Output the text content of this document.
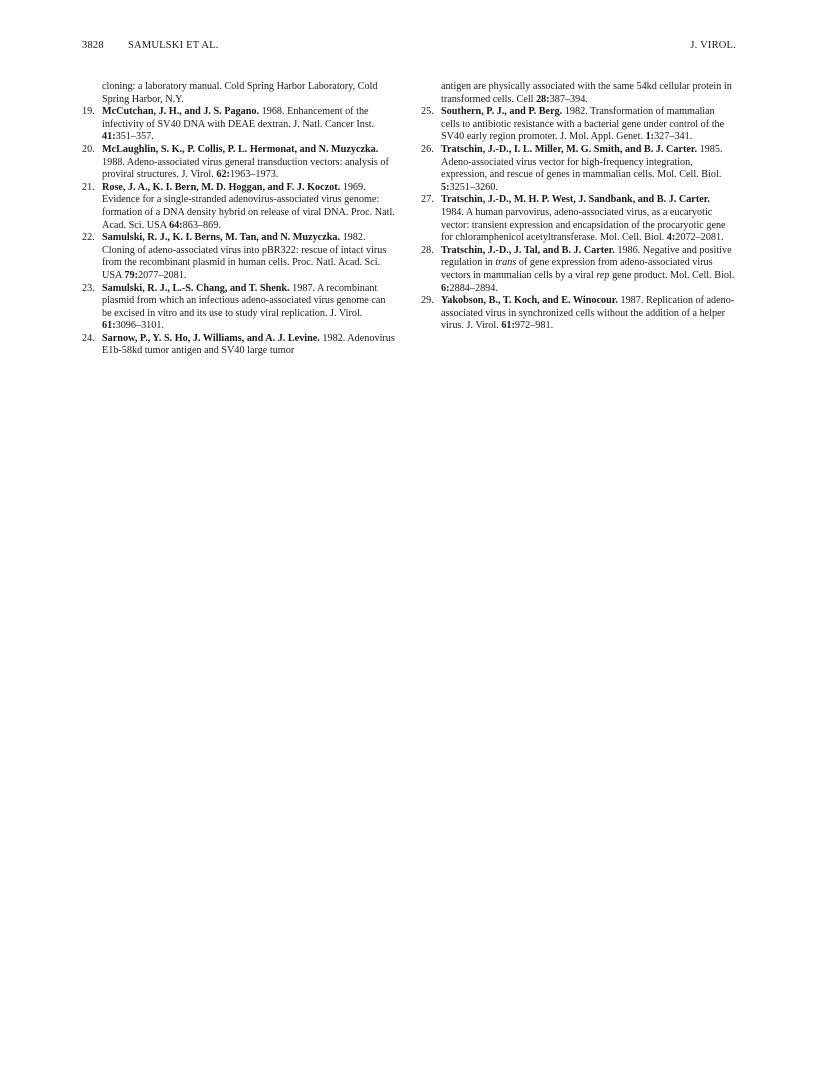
3828 SAMULSKI ET AL.	J. VIROL.
cloning: a laboratory manual. Cold Spring Harbor Laboratory, Cold Spring Harbor, N.Y.
19. McCutchan, J. H., and J. S. Pagano. 1968. Enhancement of the infectivity of SV40 DNA with DEAE dextran. J. Natl. Cancer Inst. 41:351–357.
20. McLaughlin, S. K., P. Collis, P. L. Hermonat, and N. Muzyczka. 1988. Adeno-associated virus general transduction vectors: analysis of proviral structures. J. Virol. 62:1963–1973.
21. Rose, J. A., K. I. Bern, M. D. Hoggan, and F. J. Koczot. 1969. Evidence for a single-stranded adenovirus-associated virus genome: formation of a DNA density hybrid on release of viral DNA. Proc. Natl. Acad. Sci. USA 64:863–869.
22. Samulski, R. J., K. I. Berns, M. Tan, and N. Muzyczka. 1982. Cloning of adeno-associated virus into pBR322: rescue of intact virus from the recombinant plasmid in human cells. Proc. Natl. Acad. Sci. USA 79:2077–2081.
23. Samulski, R. J., L.-S. Chang, and T. Shenk. 1987. A recombinant plasmid from which an infectious adeno-associated virus genome can be excised in vitro and its use to study viral replication. J. Virol. 61:3096–3101.
24. Sarnow, P., Y. S. Ho, J. Williams, and A. J. Levine. 1982. Adenovirus E1b-58kd tumor antigen and SV40 large tumor
antigen are physically associated with the same 54kd cellular protein in transformed cells. Cell 28:387–394.
25. Southern, P. J., and P. Berg. 1982. Transformation of mammalian cells to antibiotic resistance with a bacterial gene under control of the SV40 early region promoter. J. Mol. Appl. Genet. 1:327–341.
26. Tratschin, J.-D., I. L. Miller, M. G. Smith, and B. J. Carter. 1985. Adeno-associated virus vector for high-frequency integration, expression, and rescue of genes in mammalian cells. Mol. Cell. Biol. 5:3251–3260.
27. Tratschin, J.-D., M. H. P. West, J. Sandbank, and B. J. Carter. 1984. A human parvovirus, adeno-associated virus, as a eucaryotic vector: transient expression and encapsidation of the procaryotic gene for chloramphenicol acetyltransferase. Mol. Cell. Biol. 4:2072–2081.
28. Tratschin, J.-D., J. Tal, and B. J. Carter. 1986. Negative and positive regulation in trans of gene expression from adeno-associated virus vectors in mammalian cells by a viral rep gene product. Mol. Cell. Biol. 6:2884–2894.
29. Yakobson, B., T. Koch, and E. Winocour. 1987. Replication of adeno-associated virus in synchronized cells without the addition of a helper virus. J. Virol. 61:972–981.
